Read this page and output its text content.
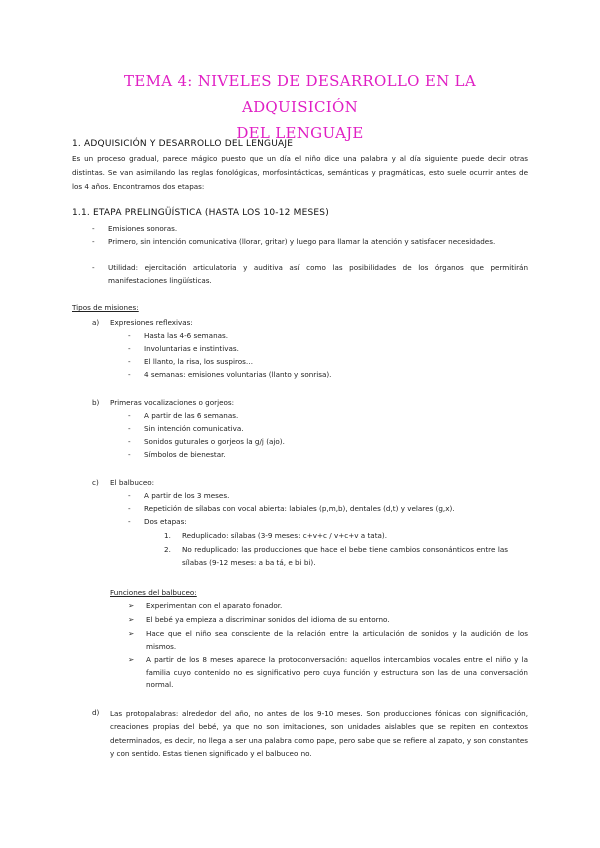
TEMA 4: NIVELES DE DESARROLLO EN LA ADQUISICIÓN
DEL LENGUAJE
1. ADQUISICIÓN Y DESARROLLO DEL LENGUAJE
Es un proceso gradual, parece mágico puesto que un día el niño dice una palabra y al día siguiente puede decir otras distintas. Se van asimilando las reglas fonológicas, morfosintácticas, semánticas y pragmáticas, esto suele ocurrir antes de los 4 años. Encontramos dos etapas:
1.1. ETAPA PRELINGÜÍSTICA (HASTA LOS 10-12 MESES)
- Emisiones sonoras.
- Primero, sin intención comunicativa (llorar, gritar) y luego para llamar la atención y satisfacer necesidades.
- Utilidad: ejercitación articulatoria y auditiva así como las posibilidades de los órganos que permitirán manifestaciones lingüísticas.
Tipos de misiones:
a) Expresiones reflexivas:
- Hasta las 4-6 semanas.
- Involuntarias e instintivas.
- El llanto, la risa, los suspiros…
- 4 semanas: emisiones voluntarias (llanto y sonrisa).
b) Primeras vocalizaciones o gorjeos:
- A partir de las 6 semanas.
- Sin intención comunicativa.
- Sonidos guturales o gorjeos la g/j (ajo).
- Símbolos de bienestar.
c) El balbuceo:
- A partir de los 3 meses.
- Repetición de sílabas con vocal abierta: labiales (p,m,b), dentales (d,t) y velares (g,x).
- Dos etapas:
1. Reduplicado: sílabas (3-9 meses: c+v+c / v+c+v a tata).
2. No reduplicado: las producciones que hace el bebe tiene cambios consonánticos entre las sílabas (9-12 meses: a ba tá, e bi bi).
Funciones del balbuceo:
➢ Experimentan con el aparato fonador.
➢ El bebé ya empieza a discriminar sonidos del idioma de su entorno.
➢ Hace que el niño sea consciente de la relación entre la articulación de sonidos y la audición de los mismos.
➢ A partir de los 8 meses aparece la protoconversación: aquellos intercambios vocales entre el niño y la familia cuyo contenido no es significativo pero cuya función y estructura son las de una conversación normal.
d) Las protopalabras: alrededor del año, no antes de los 9-10 meses. Son producciones fónicas con significación, creaciones propias del bebé, ya que no son imitaciones, son unidades aislables que se repiten en contextos determinados, es decir, no llega a ser una palabra como pape, pero sabe que se refiere al zapato, y son constantes y con sentido. Estas tienen significado y el balbuceo no.
